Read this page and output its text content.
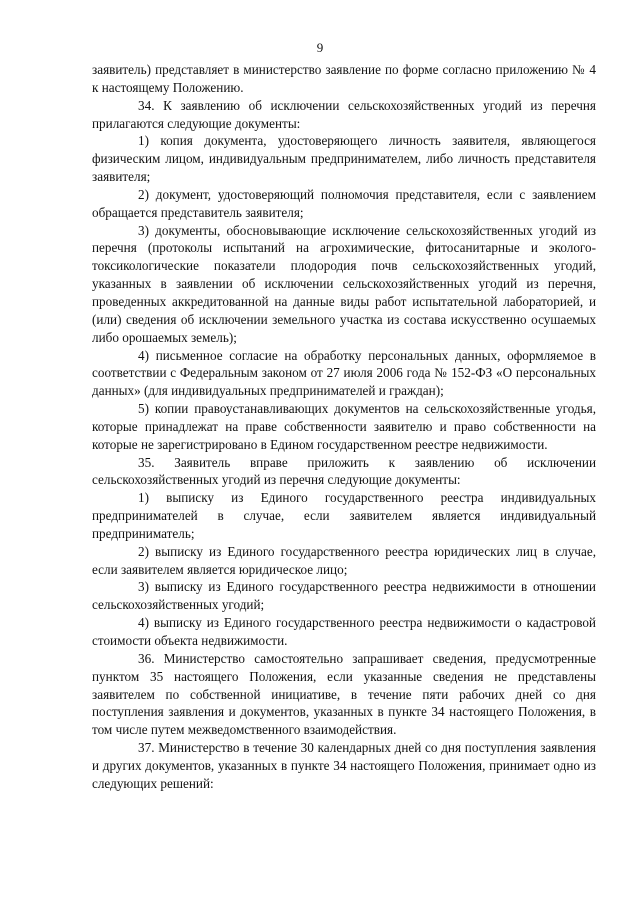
9

заявитель) представляет в министерство заявление по форме согласно приложению № 4 к настоящему Положению.

34. К заявлению об исключении сельскохозяйственных угодий из перечня прилагаются следующие документы:

1) копия документа, удостоверяющего личность заявителя, являющегося физическим лицом, индивидуальным предпринимателем, либо личность представителя заявителя;

2) документ, удостоверяющий полномочия представителя, если с заявлением обращается представитель заявителя;

3) документы, обосновывающие исключение сельскохозяйственных угодий из перечня (протоколы испытаний на агрохимические, фитосанитарные и эколого-токсикологические показатели плодородия почв сельскохозяйственных угодий, указанных в заявлении об исключении сельскохозяйственных угодий из перечня, проведенных аккредитованной на данные виды работ испытательной лабораторией, и (или) сведения об исключении земельного участка из состава искусственно осушаемых либо орошаемых земель);

4) письменное согласие на обработку персональных данных, оформляемое в соответствии с Федеральным законом от 27 июля 2006 года № 152-ФЗ «О персональных данных» (для индивидуальных предпринимателей и граждан);

5) копии правоустанавливающих документов на сельскохозяйственные угодья, которые принадлежат на праве собственности заявителю и право собственности на которые не зарегистрировано в Едином государственном реестре недвижимости.

35. Заявитель вправе приложить к заявлению об исключении сельскохозяйственных угодий из перечня следующие документы:

1) выписку из Единого государственного реестра индивидуальных предпринимателей в случае, если заявителем является индивидуальный предприниматель;

2) выписку из Единого государственного реестра юридических лиц в случае, если заявителем является юридическое лицо;

3) выписку из Единого государственного реестра недвижимости в отношении сельскохозяйственных угодий;

4) выписку из Единого государственного реестра недвижимости о кадастровой стоимости объекта недвижимости.

36. Министерство самостоятельно запрашивает сведения, предусмотренные пунктом 35 настоящего Положения, если указанные сведения не представлены заявителем по собственной инициативе, в течение пяти рабочих дней со дня поступления заявления и документов, указанных в пункте 34 настоящего Положения, в том числе путем межведомственного взаимодействия.

37. Министерство в течение 30 календарных дней со дня поступления заявления и других документов, указанных в пункте 34 настоящего Положения, принимает одно из следующих решений:
